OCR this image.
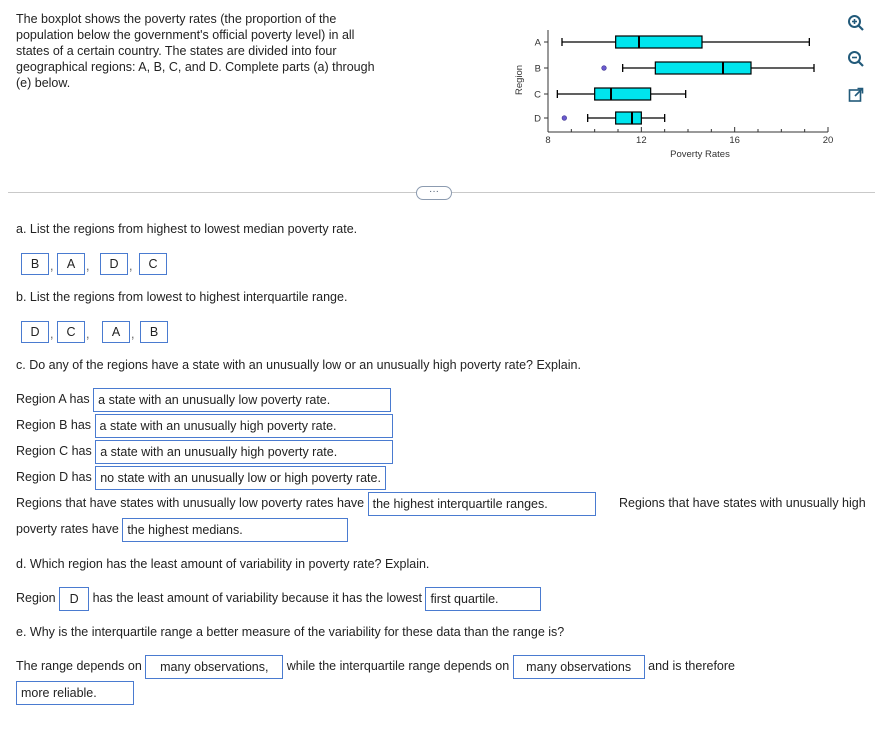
The boxplot shows the poverty rates (the proportion of the population below the government's official poverty level) in all states of a certain country. The states are divided into four geographical regions: A, B, C, and D. Complete parts (a) through (e) below.
8	12	16	20
Poverty Rates
Region
A
B
C
D
···
a. List the regions from highest to lowest median poverty rate.
B ,	A ,	D ,	C
b. List the regions from lowest to highest interquartile range.
D ,	C ,	A ,	B
c. Do any of the regions have a state with an unusually low or an unusually high poverty rate? Explain.
Region A has a state with an unusually low poverty rate.
Region B has a state with an unusually high poverty rate.
Region C has a state with an unusually high poverty rate.
Region D has no state with an unusually low or high poverty rate.
Regions that have states with unusually low poverty rates have the highest interquartile ranges.	Regions that have states with unusually high
poverty rates have the highest medians.
d. Which region has the least amount of variability in poverty rate? Explain.
Region D has the least amount of variability because it has the lowest first quartile.
e. Why is the interquartile range a better measure of the variability for these data than the range is?
The range depends on many observations, while the interquartile range depends on many observations and is therefore
more reliable.
